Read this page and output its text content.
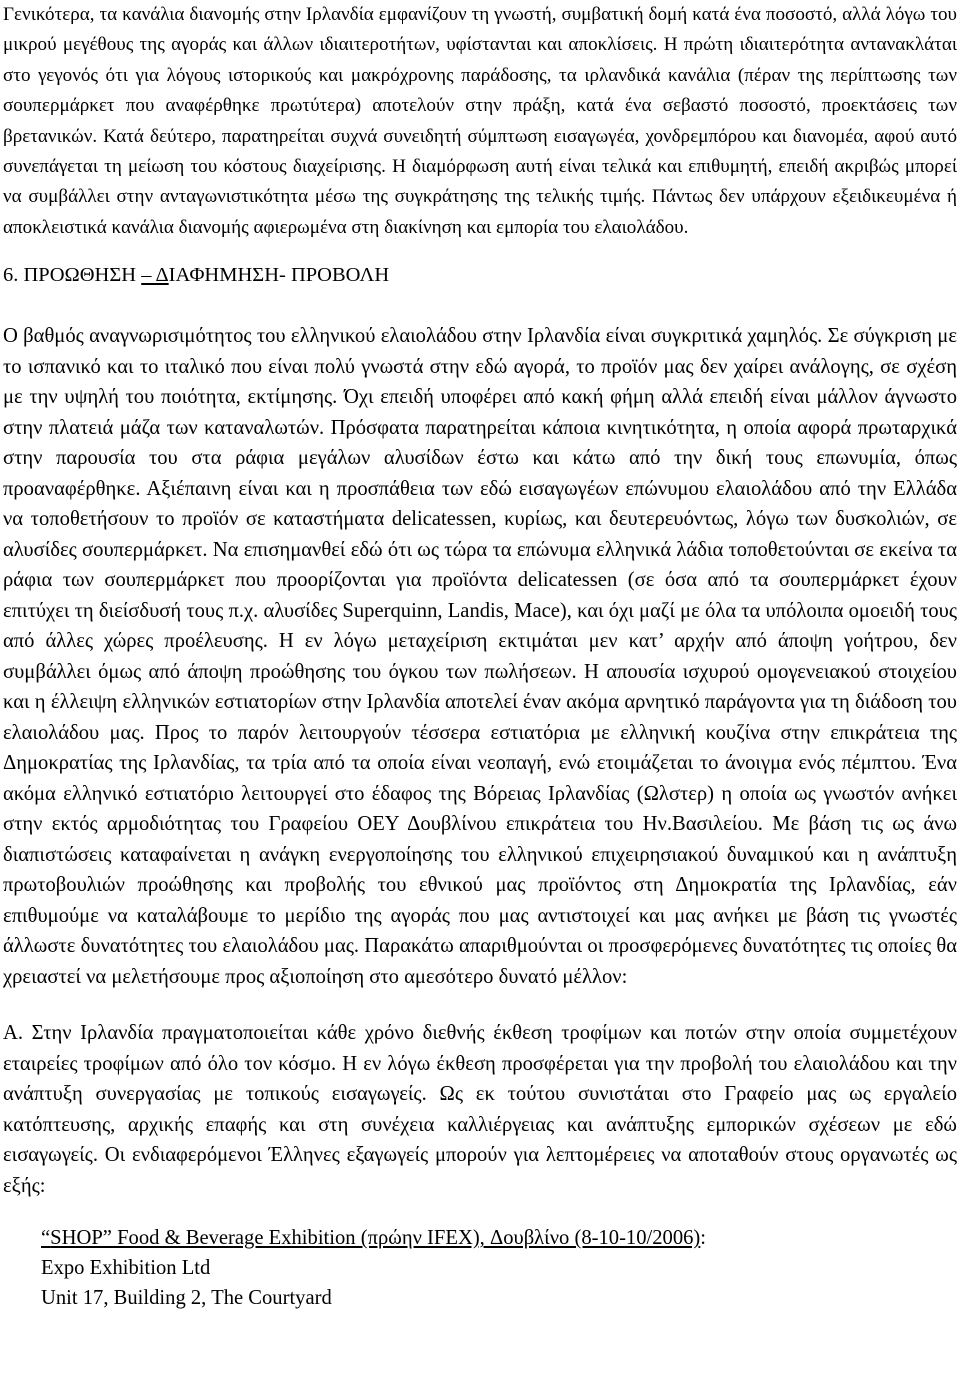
Γενικότερα, τα κανάλια διανομής στην Ιρλανδία εμφανίζουν τη γνωστή, συμβατική δομή κατά ένα ποσοστό, αλλά λόγω του μικρού μεγέθους της αγοράς και άλλων ιδιαιτεροτήτων, υφίστανται και αποκλίσεις. Η πρώτη ιδιαιτερότητα αντανακλάται στο γεγονός ότι για λόγους ιστορικούς και μακρόχρονης παράδοσης, τα ιρλανδικά κανάλια (πέραν της περίπτωσης των σουπερμάρκετ που αναφέρθηκε πρωτύτερα) αποτελούν στην πράξη, κατά ένα σεβαστό ποσοστό, προεκτάσεις των βρετανικών. Κατά δεύτερο, παρατηρείται συχνά συνειδητή σύμπτωση εισαγωγέα, χονδρεμπόρου και διανομέα, αφού αυτό συνεπάγεται τη μείωση του κόστους διαχείρισης. Η διαμόρφωση αυτή είναι τελικά και επιθυμητή, επειδή ακριβώς μπορεί να συμβάλλει στην ανταγωνιστικότητα μέσω της συγκράτησης της τελικής τιμής. Πάντως δεν υπάρχουν εξειδικευμένα ή αποκλειστικά κανάλια διανομής αφιερωμένα στη διακίνηση και εμπορία του ελαιολάδου.

6. ΠΡΟΩΘΗΣΗ – ΔΙΑΦΗΜΗΣΗ- ΠΡΟΒΟΛΗ

Ο βαθμός αναγνωρισιμότητος του ελληνικού ελαιολάδου στην Ιρλανδία είναι συγκριτικά χαμηλός. Σε σύγκριση με το ισπανικό και το ιταλικό που είναι πολύ γνωστά στην εδώ αγορά, το προϊόν μας δεν χαίρει ανάλογης, σε σχέση με την υψηλή του ποιότητα, εκτίμησης. Όχι επειδή υποφέρει από κακή φήμη αλλά επειδή είναι μάλλον άγνωστο στην πλατειά μάζα των καταναλωτών. Πρόσφατα παρατηρείται κάποια κινητικότητα, η οποία αφορά πρωταρχικά στην παρουσία του στα ράφια μεγάλων αλυσίδων έστω και κάτω από την δική τους επωνυμία, όπως προαναφέρθηκε. Αξιέπαινη είναι και η προσπάθεια των εδώ εισαγωγέων επώνυμου ελαιολάδου από την Ελλάδα να τοποθετήσουν το προϊόν σε καταστήματα delicatessen, κυρίως, και δευτερευόντως, λόγω των δυσκολιών, σε αλυσίδες σουπερμάρκετ. Να επισημανθεί εδώ ότι ως τώρα τα επώνυμα ελληνικά λάδια τοποθετούνται σε εκείνα τα ράφια των σουπερμάρκετ που προορίζονται για προϊόντα delicatessen (σε όσα από τα σουπερμάρκετ έχουν επιτύχει τη διείσδυσή τους π.χ. αλυσίδες Superquinn, Landis, Mace), και όχι μαζί με όλα τα υπόλοιπα ομοειδή τους από άλλες χώρες προέλευσης. Η εν λόγω μεταχείριση εκτιμάται μεν κατ’ αρχήν από άποψη γοήτρου, δεν συμβάλλει όμως από άποψη προώθησης του όγκου των πωλήσεων. Η απουσία ισχυρού ομογενειακού στοιχείου και η έλλειψη ελληνικών εστιατορίων στην Ιρλανδία αποτελεί έναν ακόμα αρνητικό παράγοντα για τη διάδοση του ελαιολάδου μας. Προς το παρόν λειτουργούν τέσσερα εστιατόρια με ελληνική κουζίνα στην επικράτεια της Δημοκρατίας της Ιρλανδίας, τα τρία από τα οποία είναι νεοπαγή, ενώ ετοιμάζεται το άνοιγμα ενός πέμπτου. Ένα ακόμα ελληνικό εστιατόριο λειτουργεί στο έδαφος της Βόρειας Ιρλανδίας (Ωλστερ) η οποία ως γνωστόν ανήκει στην εκτός αρμοδιότητας του Γραφείου ΟΕΥ Δουβλίνου επικράτεια του Ην.Βασιλείου. Με βάση τις ως άνω διαπιστώσεις καταφαίνεται η ανάγκη ενεργοποίησης του ελληνικού επιχειρησιακού δυναμικού και η ανάπτυξη πρωτοβουλιών προώθησης και προβολής του εθνικού μας προϊόντος στη Δημοκρατία της Ιρλανδίας, εάν επιθυμούμε να καταλάβουμε το μερίδιο της αγοράς που μας αντιστοιχεί και μας ανήκει με βάση τις γνωστές άλλωστε δυνατότητες του ελαιολάδου μας. Παρακάτω απαριθμούνται οι προσφερόμενες δυνατότητες τις οποίες θα χρειαστεί να μελετήσουμε προς αξιοποίηση στο αμεσότερο δυνατό μέλλον:

Α. Στην Ιρλανδία πραγματοποιείται κάθε χρόνο διεθνής έκθεση τροφίμων και ποτών στην οποία συμμετέχουν εταιρείες τροφίμων από όλο τον κόσμο. Η εν λόγω έκθεση προσφέρεται για την προβολή του ελαιολάδου και την ανάπτυξη συνεργασίας με τοπικούς εισαγωγείς. Ως εκ τούτου συνιστάται στο Γραφείο μας ως εργαλείο κατόπτευσης, αρχικής επαφής και στη συνέχεια καλλιέργειας και ανάπτυξης εμπορικών σχέσεων με εδώ εισαγωγείς. Οι ενδιαφερόμενοι Έλληνες εξαγωγείς μπορούν για λεπτομέρειες να αποταθούν στους οργανωτές ως εξής:

“SHOP” Food & Beverage Exhibition (πρώην IFEX), Δουβλίνο (8-10-10/2006):
Expo Exhibition Ltd
Unit 17, Building 2, The Courtyard
